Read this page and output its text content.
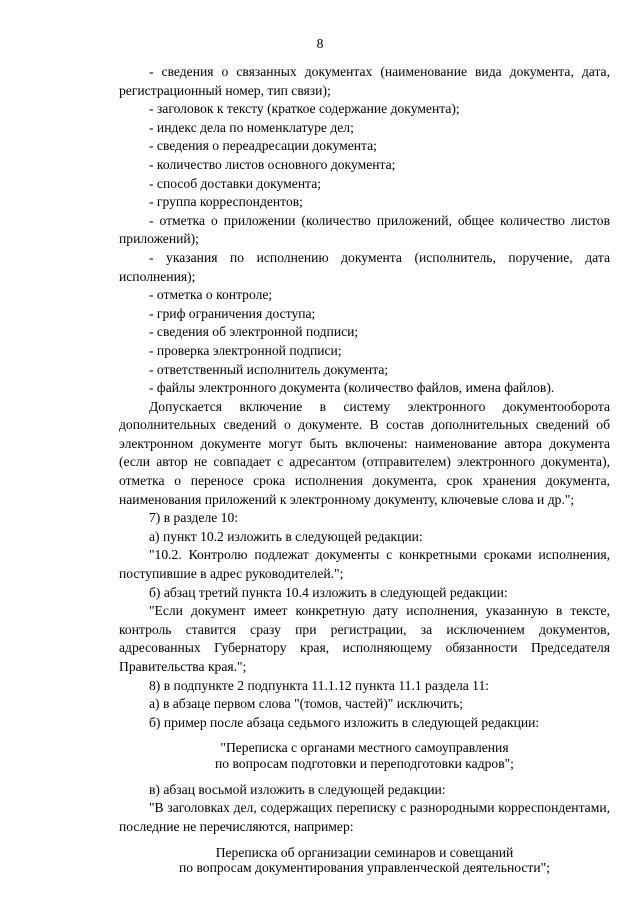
8

- сведения о связанных документах (наименование вида документа, дата, регистрационный номер, тип связи);

- заголовок к тексту (краткое содержание документа);

- индекс дела по номенклатуре дел;

- сведения о переадресации документа;

- количество листов основного документа;

- способ доставки документа;

- группа корреспондентов;

- отметка о приложении (количество приложений, общее количество листов приложений);

- указания по исполнению документа (исполнитель, поручение, дата исполнения);

- отметка о контроле;

- гриф ограничения доступа;

- сведения об электронной подписи;

- проверка электронной подписи;

- ответственный исполнитель документа;

- файлы электронного документа (количество файлов, имена файлов).

Допускается включение в систему электронного документооборота дополнительных сведений о документе. В состав дополнительных сведений об электронном документе могут быть включены: наименование автора документа (если автор не совпадает с адресантом (отправителем) электронного документа), отметка о переносе срока исполнения документа, срок хранения документа, наименования приложений к электронному документу, ключевые слова и др.";

7) в разделе 10:

а) пункт 10.2 изложить в следующей редакции:

"10.2. Контролю подлежат документы с конкретными сроками исполнения, поступившие в адрес руководителей.";

б) абзац третий пункта 10.4 изложить в следующей редакции:

"Если документ имеет конкретную дату исполнения, указанную в тексте, контроль ставится сразу при регистрации, за исключением документов, адресованных Губернатору края, исполняющему обязанности Председателя Правительства края.";

8) в подпункте 2 подпункта 11.1.12 пункта 11.1 раздела 11:

а) в абзаце первом слова "(томов, частей)" исключить;

б) пример после абзаца седьмого изложить в следующей редакции:

"Переписка с органами местного самоуправления

по вопросам подготовки и переподготовки кадров";

в) абзац восьмой изложить в следующей редакции:

"В заголовках дел, содержащих переписку с разнородными корреспондентами, последние не перечисляются, например:

Переписка об организации семинаров и совещаний

по вопросам документирования управленческой деятельности";
